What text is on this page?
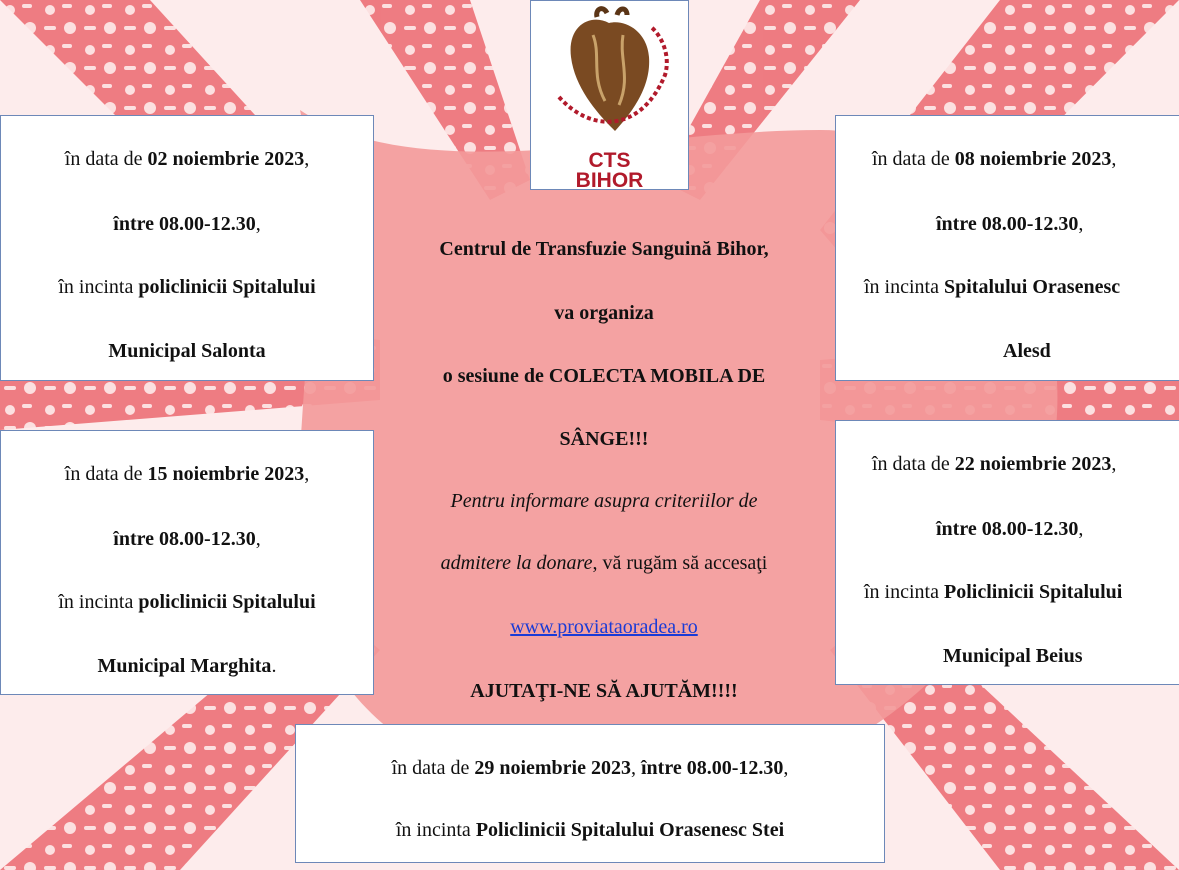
CTS
BIHOR

în data de 02 noiembrie 2023,

între 08.00-12.30,

în incinta policlinicii Spitalului

Municipal Salonta

în data de 15 noiembrie 2023,

între 08.00-12.30,

în incinta policlinicii Spitalului

Municipal Marghita.

în data de 08 noiembrie 2023,

între 08.00-12.30,

în incinta Spitalului Orasenesc

Alesd

în data de 22 noiembrie 2023,

între 08.00-12.30,

în incinta Policlinicii Spitalului

Municipal Beius

în data de 29 noiembrie 2023, între 08.00-12.30,

în incinta Policlinicii Spitalului Orasenesc Stei

Centrul de Transfuzie Sanguină Bihor,

va organiza

o sesiune de COLECTA MOBILA DE

SÂNGE!!!

Pentru informare asupra criteriilor de

admitere la donare, vă rugăm să accesaţi

www.proviataoradea.ro

AJUTAŢI-NE SĂ AJUTĂM!!!!
